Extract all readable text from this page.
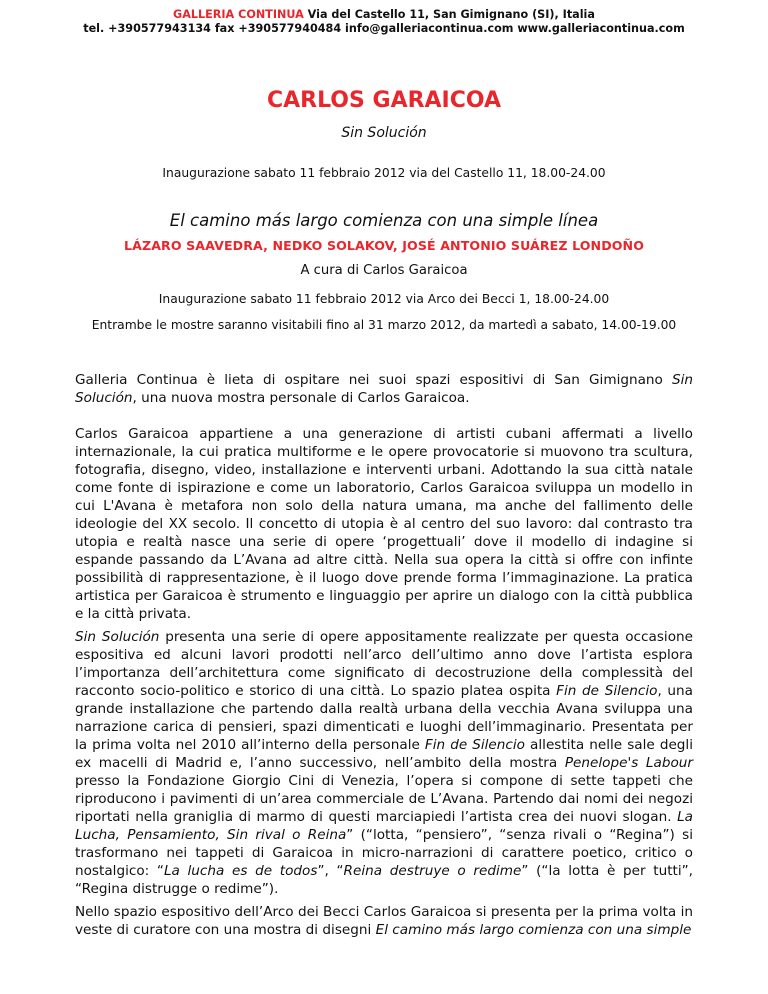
GALLERIA CONTINUA Via del Castello 11, San Gimignano (SI), Italia
tel. +390577943134 fax +390577940484 info@galleriacontinua.com www.galleriacontinua.com
CARLOS GARAICOA
Sin Solución
Inaugurazione sabato 11 febbraio 2012 via del Castello 11, 18.00-24.00
El camino más largo comienza con una simple línea
LÁZARO SAAVEDRA, NEDKO SOLAKOV, JOSÉ ANTONIO SUÁREZ LONDOÑO
A cura di Carlos Garaicoa
Inaugurazione sabato 11 febbraio 2012 via Arco dei Becci 1, 18.00-24.00
Entrambe le mostre saranno visitabili fino al 31 marzo 2012, da martedì a sabato, 14.00-19.00

Galleria Continua è lieta di ospitare nei suoi spazi espositivi di San Gimignano Sin Solución, una nuova mostra personale di Carlos Garaicoa.

Carlos Garaicoa appartiene a una generazione di artisti cubani affermati a livello internazionale, la cui pratica multiforme e le opere provocatorie si muovono tra scultura, fotografia, disegno, video, installazione e interventi urbani. Adottando la sua città natale come fonte di ispirazione e come un laboratorio, Carlos Garaicoa sviluppa un modello in cui L'Avana è metafora non solo della natura umana, ma anche del fallimento delle ideologie del XX secolo. Il concetto di utopia è al centro del suo lavoro: dal contrasto tra utopia e realtà nasce una serie di opere ‘progettuali’ dove il modello di indagine si espande passando da L’Avana ad altre città. Nella sua opera la città si offre con infinte possibilità di rappresentazione, è il luogo dove prende forma l’immaginazione. La pratica artistica per Garaicoa è strumento e linguaggio per aprire un dialogo con la città pubblica e la città privata.

Sin Solución presenta una serie di opere appositamente realizzate per questa occasione espositiva ed alcuni lavori prodotti nell’arco dell’ultimo anno dove l’artista esplora l’importanza dell’architettura come significato di decostruzione della complessità del racconto socio-politico e storico di una città. Lo spazio platea ospita Fin de Silencio, una grande installazione che partendo dalla realtà urbana della vecchia Avana sviluppa una narrazione carica di pensieri, spazi dimenticati e luoghi dell’immaginario. Presentata per la prima volta nel 2010 all’interno della personale Fin de Silencio allestita nelle sale degli ex macelli di Madrid e, l’anno successivo, nell’ambito della mostra Penelope's Labour presso la Fondazione Giorgio Cini di Venezia, l’opera si compone di sette tappeti che riproducono i pavimenti di un’area commerciale de L’Avana. Partendo dai nomi dei negozi riportati nella graniglia di marmo di questi marciapiedi l’artista crea dei nuovi slogan. La Lucha, Pensamiento, Sin rival o Reina” (“lotta, “pensiero”, “senza rivali o “Regina”) si trasformano nei tappeti di Garaicoa in micro-narrazioni di carattere poetico, critico o nostalgico: “La lucha es de todos”, “Reina destruye o redime” (“la lotta è per tutti”, “Regina distrugge o redime”).

Nello spazio espositivo dell’Arco dei Becci Carlos Garaicoa si presenta per la prima volta in veste di curatore con una mostra di disegni El camino más largo comienza con una simple
